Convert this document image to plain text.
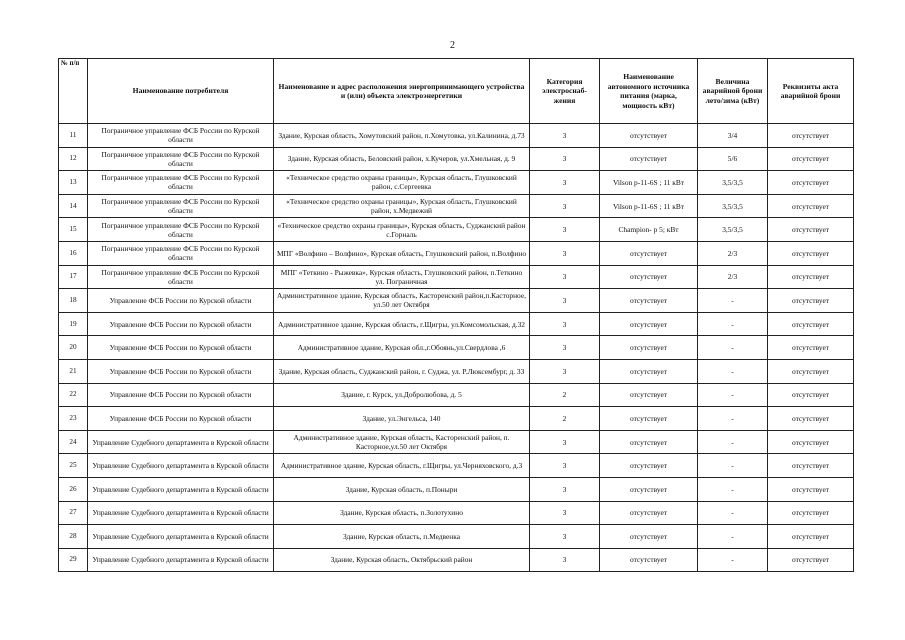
2
№ п/п	Наименование потребителя	Наименование и адрес расположения энергопринимающего устройства и (или) объекта электроэнергетики	Категория электроснаб-жения	Наименование автономного источника питания (марка, мощность кВт)	Величина аварийной брони лето/зима (кВт)	Реквизиты акта аварийной брони
11	Пограничное управление ФСБ России по Курской области	Здание, Курская область, Хомутовский район, п.Хомутовка, ул.Калинина, д.73	3	отсутствует	3/4	отсутствует
12	Пограничное управление ФСБ России по Курской области	Здание, Курская область, Беловский район, х.Кучеров, ул.Хмельная, д. 9	3	отсутствует	5/6	отсутствует
13	Пограничное управление ФСБ России по Курской области	«Техническое средство охраны границы», Курская область, Глушковский район, с.Сергеевка	3	Vilson p-11-6S ; 11 кВт	3,5/3,5	отсутствует
14	Пограничное управление ФСБ России по Курской области	«Техническое средство охраны границы», Курская область, Глушковский район, х.Медвежий	3	Vilson p-11-6S ; 11 кВт	3,5/3,5	отсутствует
15	Пограничное управление ФСБ России по Курской области	«Техническое средство охраны границы», Курская область, Суджанский район с.Горналь	3	Champion- p 5; кВт	3,5/3,5	отсутствует
16	Пограничное управление ФСБ России по Курской области	МПГ «Волфино – Волфино», Курская область, Глушковский район, п.Волфино	3	отсутствует	2/3	отсутствует
17	Пограничное управление ФСБ России по Курской области	МПГ «Теткино - Рыжевка», Курская область, Глушковский район, п.Теткино ул. Пограничная	3	отсутствует	2/3	отсутствует
18	Управление ФСБ России по Курской области	Административное здание, Курская область, Касторенский район,п.Касторное, ул.50 лет Октября	3	отсутствует	-	отсутствует
19	Управление ФСБ России по Курской области	Административное здание, Курская область, г.Щигры, ул.Комсомольская, д.32	3	отсутствует	-	отсутствует
20	Управление ФСБ России по Курской области	Административное здание, Курская обл.,г.Обоянь,ул.Свердлова ,6	3	отсутствует	-	отсутствует
21	Управление ФСБ России по Курской области	Здание, Курская область, Суджанский район, г. Суджа, ул. Р.Люксембург, д. 33	3	отсутствует	-	отсутствует
22	Управление ФСБ России по Курской области	Здание, г. Курск, ул.Добролюбова, д. 5	2	отсутствует	-	отсутствует
23	Управление ФСБ России по Курской области	Здание, ул.Энгельса, 140	2	отсутствует	-	отсутствует
24	Управление Судебного департамента в Курской области	Административное здание, Курская область, Касторенский район, п. Касторное,ул.50 лет Октября	3	отсутствует	-	отсутствует
25	Управление Судебного департамента в Курской области	Административное здание, Курская область, г.Щигры, ул.Черняховского, д.3	3	отсутствует	-	отсутствует
26	Управление Судебного департамента в Курской области	Здание, Курская область, п.Поныри	3	отсутствует	-	отсутствует
27	Управление Судебного департамента в Курской области	Здание, Курская область, п.Золотухино	3	отсутствует	-	отсутствует
28	Управление Судебного департамента в Курской области	Здание, Курская область, п.Медвенка	3	отсутствует	-	отсутствует
29	Управление Судебного департамента в Курской области	Здание, Курская область, Октябрьский район	3	отсутствует	-	отсутствует
